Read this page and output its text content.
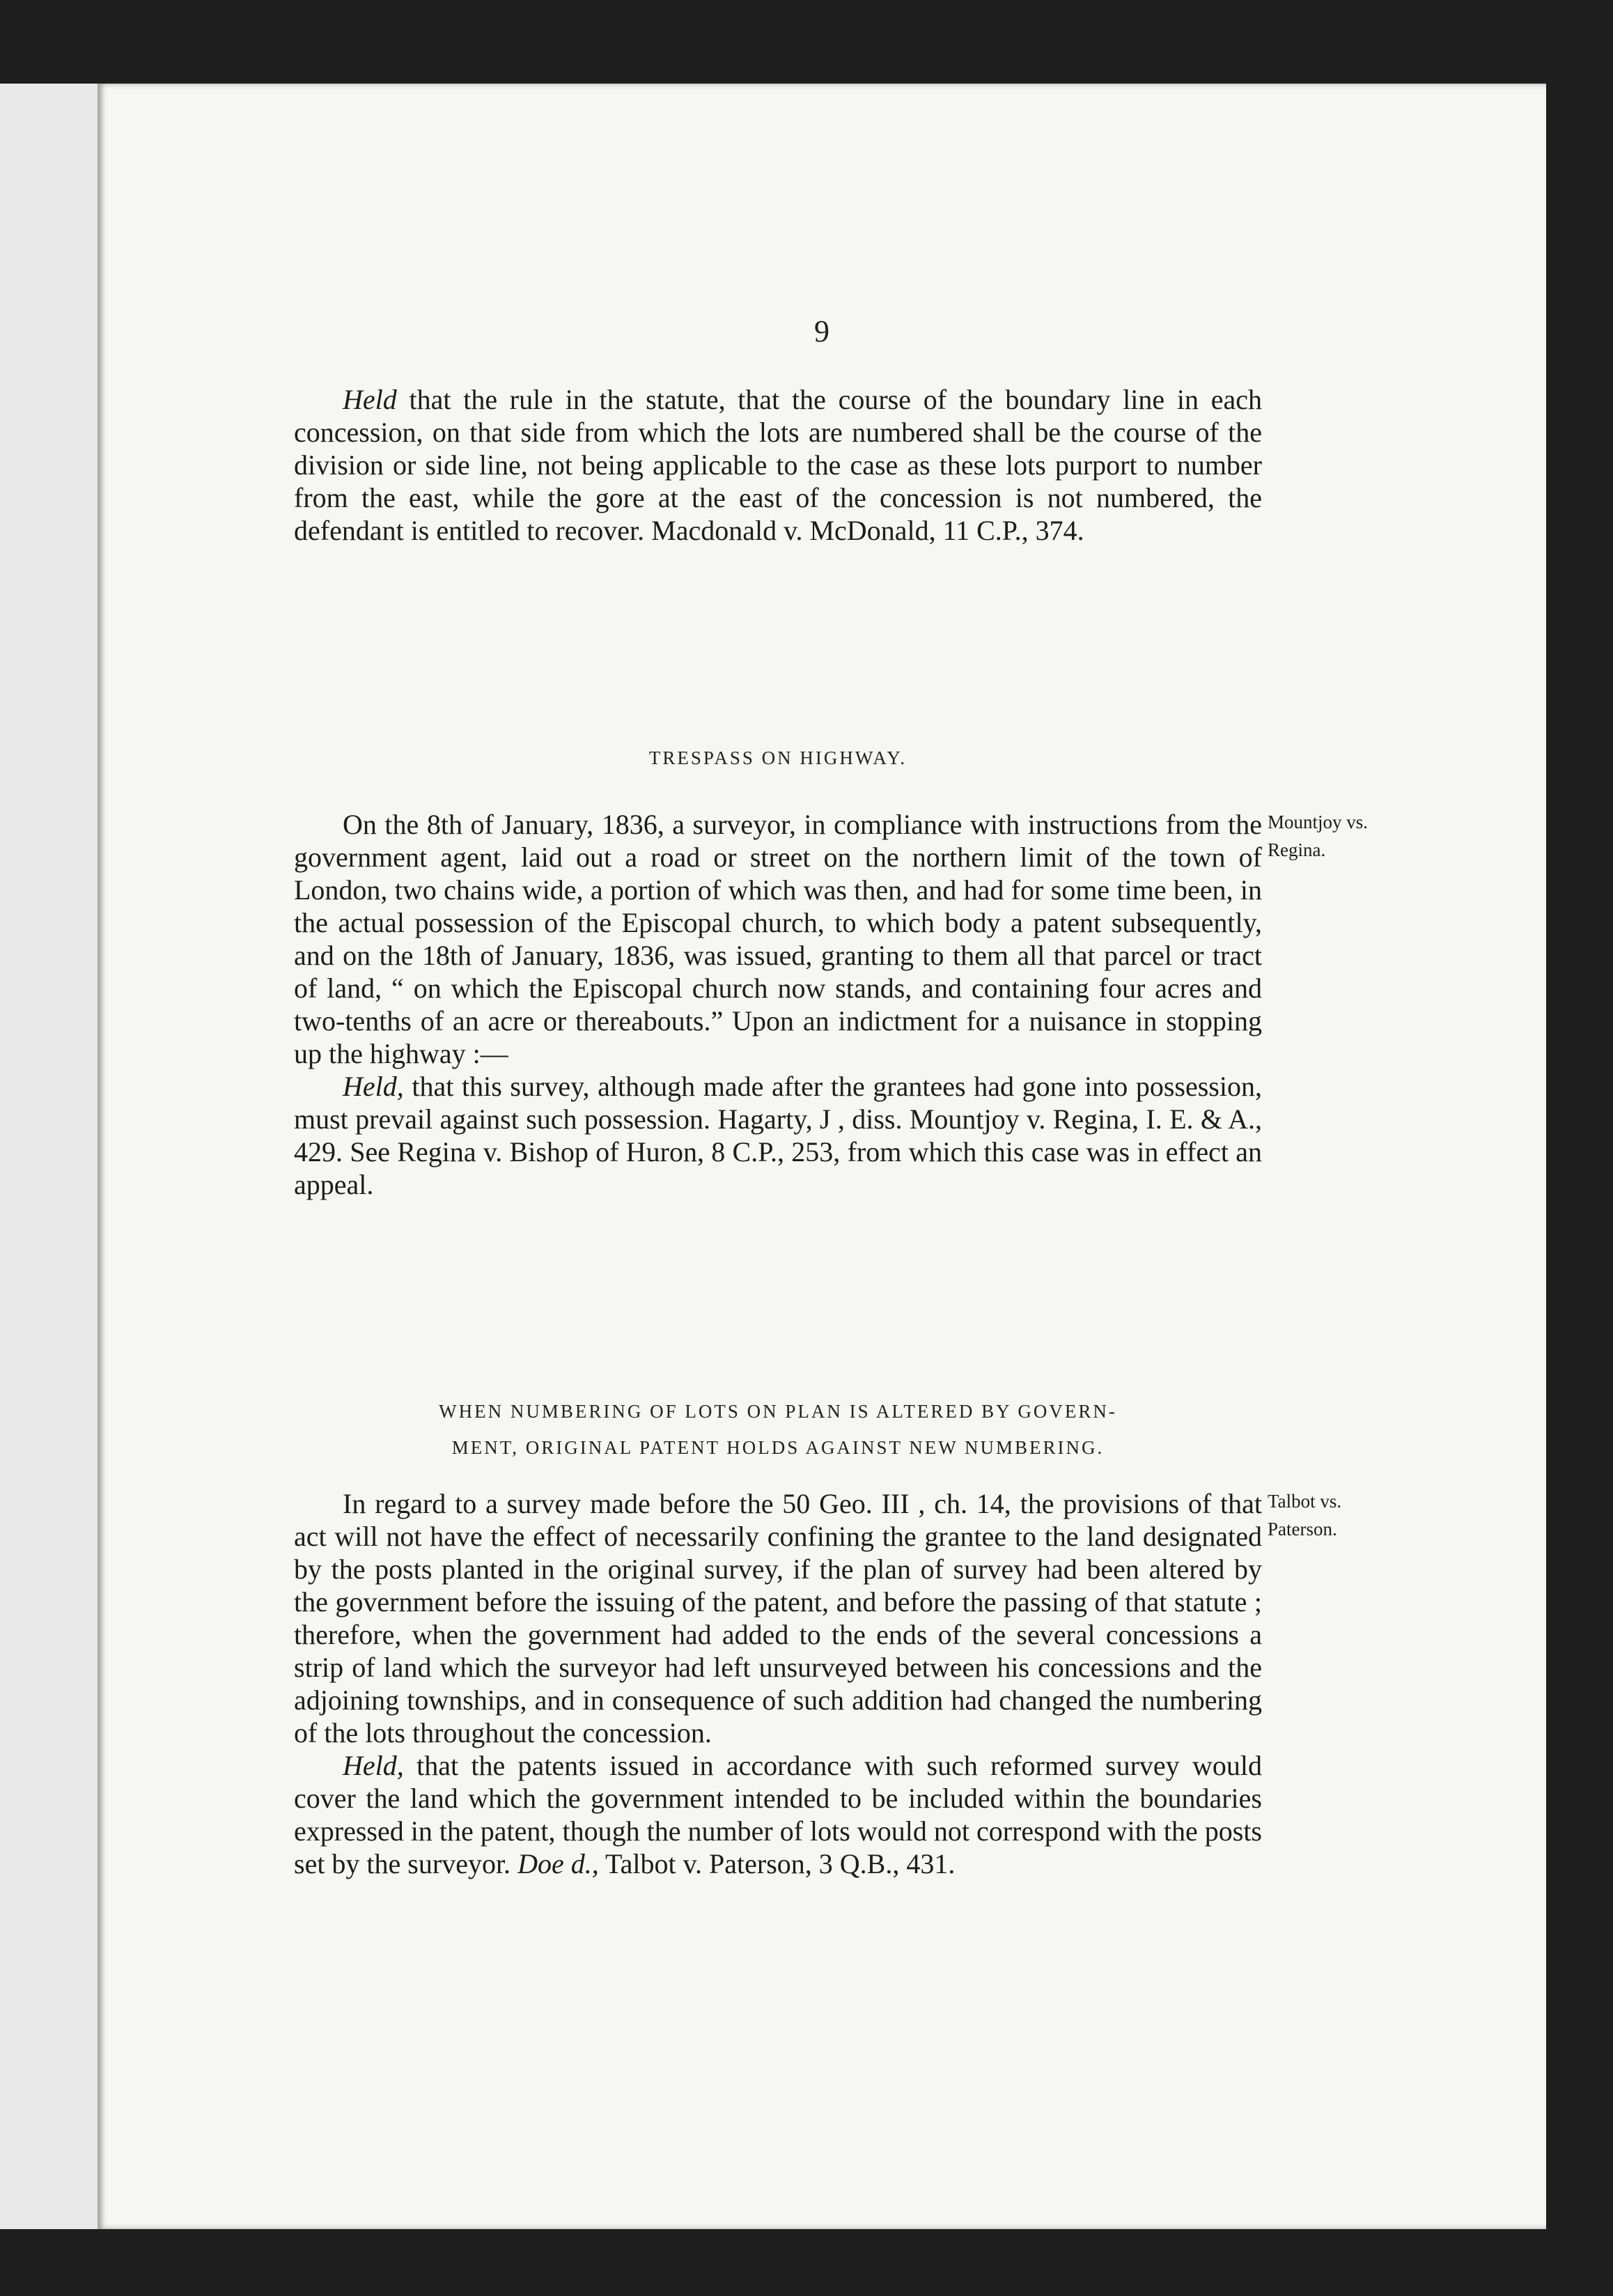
9

Held that the rule in the statute, that the course of the boundary line in each concession, on that side from which the lots are numbered shall be the course of the division or side line, not being applicable to the case as these lots purport to number from the east, while the gore at the east of the concession is not numbered, the defendant is entitled to recover. Macdonald v. McDonald, 11 C.P., 374.

TRESPASS ON HIGHWAY.

On the 8th of January, 1836, a surveyor, in compliance with instructions from the government agent, laid out a road or street on the northern limit of the town of London, two chains wide, a portion of which was then, and had for some time been, in the actual possession of the Episcopal church, to which body a patent subsequently, and on the 18th of January, 1836, was issued, granting to them all that parcel or tract of land, “ on which the Episcopal church now stands, and containing four acres and two-tenths of an acre or thereabouts.” Upon an indictment for a nuisance in stopping up the highway :—

Held, that this survey, although made after the grantees had gone into possession, must prevail against such possession. Hagarty, J , diss. Mountjoy v. Regina, I. E. & A., 429. See Regina v. Bishop of Huron, 8 C.P., 253, from which this case was in effect an appeal.

Mountjoy vs.
Regina.
WHEN NUMBERING OF LOTS ON PLAN IS ALTERED BY GOVERN-
MENT, ORIGINAL PATENT HOLDS AGAINST NEW NUMBERING.

In regard to a survey made before the 50 Geo. III , ch. 14, the provisions of that act will not have the effect of necessarily confining the grantee to the land designated by the posts planted in the original survey, if the plan of survey had been altered by the government before the issuing of the patent, and before the passing of that statute ; therefore, when the government had added to the ends of the several concessions a strip of land which the surveyor had left unsurveyed between his concessions and the adjoining townships, and in consequence of such addition had changed the numbering of the lots throughout the concession.

Held, that the patents issued in accordance with such reformed survey would cover the land which the government intended to be included within the boundaries expressed in the patent, though the number of lots would not correspond with the posts set by the surveyor. Doe d., Talbot v. Paterson, 3 Q.B., 431.

Talbot vs.
Paterson.
